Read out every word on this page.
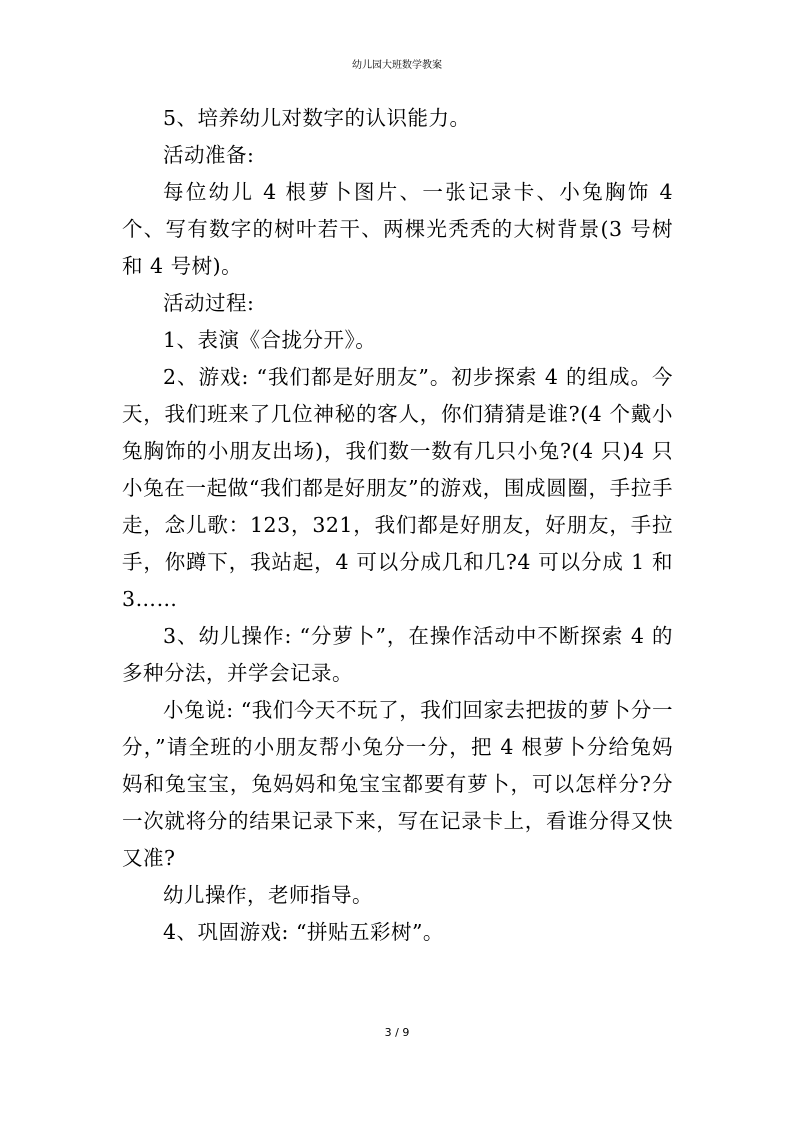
幼儿园大班数学教案

5、培养幼儿对数字的认识能力。

活动准备:

每位幼儿 4 根萝卜图片、一张记录卡、小兔胸饰 4 个、写有数字的树叶若干、两棵光秃秃的大树背景(3 号树和 4 号树)。

活动过程:

1、表演《合拢分开》。

2、游戏: “我们都是好朋友”。初步探索 4 的组成。今天，我们班来了几位神秘的客人，你们猜猜是谁?(4 个戴小兔胸饰的小朋友出场)，我们数一数有几只小兔?(4 只)4 只小兔在一起做“我们都是好朋友”的游戏，围成圆圈，手拉手走，念儿歌：123，321，我们都是好朋友，好朋友，手拉手，你蹲下，我站起，4 可以分成几和几?4 可以分成 1 和 3……

3、幼儿操作: “分萝卜”，在操作活动中不断探索 4 的多种分法，并学会记录。

小兔说: “我们今天不玩了，我们回家去把拔的萝卜分一分，”请全班的小朋友帮小兔分一分，把 4 根萝卜分给兔妈妈和兔宝宝，兔妈妈和兔宝宝都要有萝卜，可以怎样分?分一次就将分的结果记录下来，写在记录卡上，看谁分得又快又准?

幼儿操作，老师指导。

4、巩固游戏: “拼贴五彩树”。

3 / 9
